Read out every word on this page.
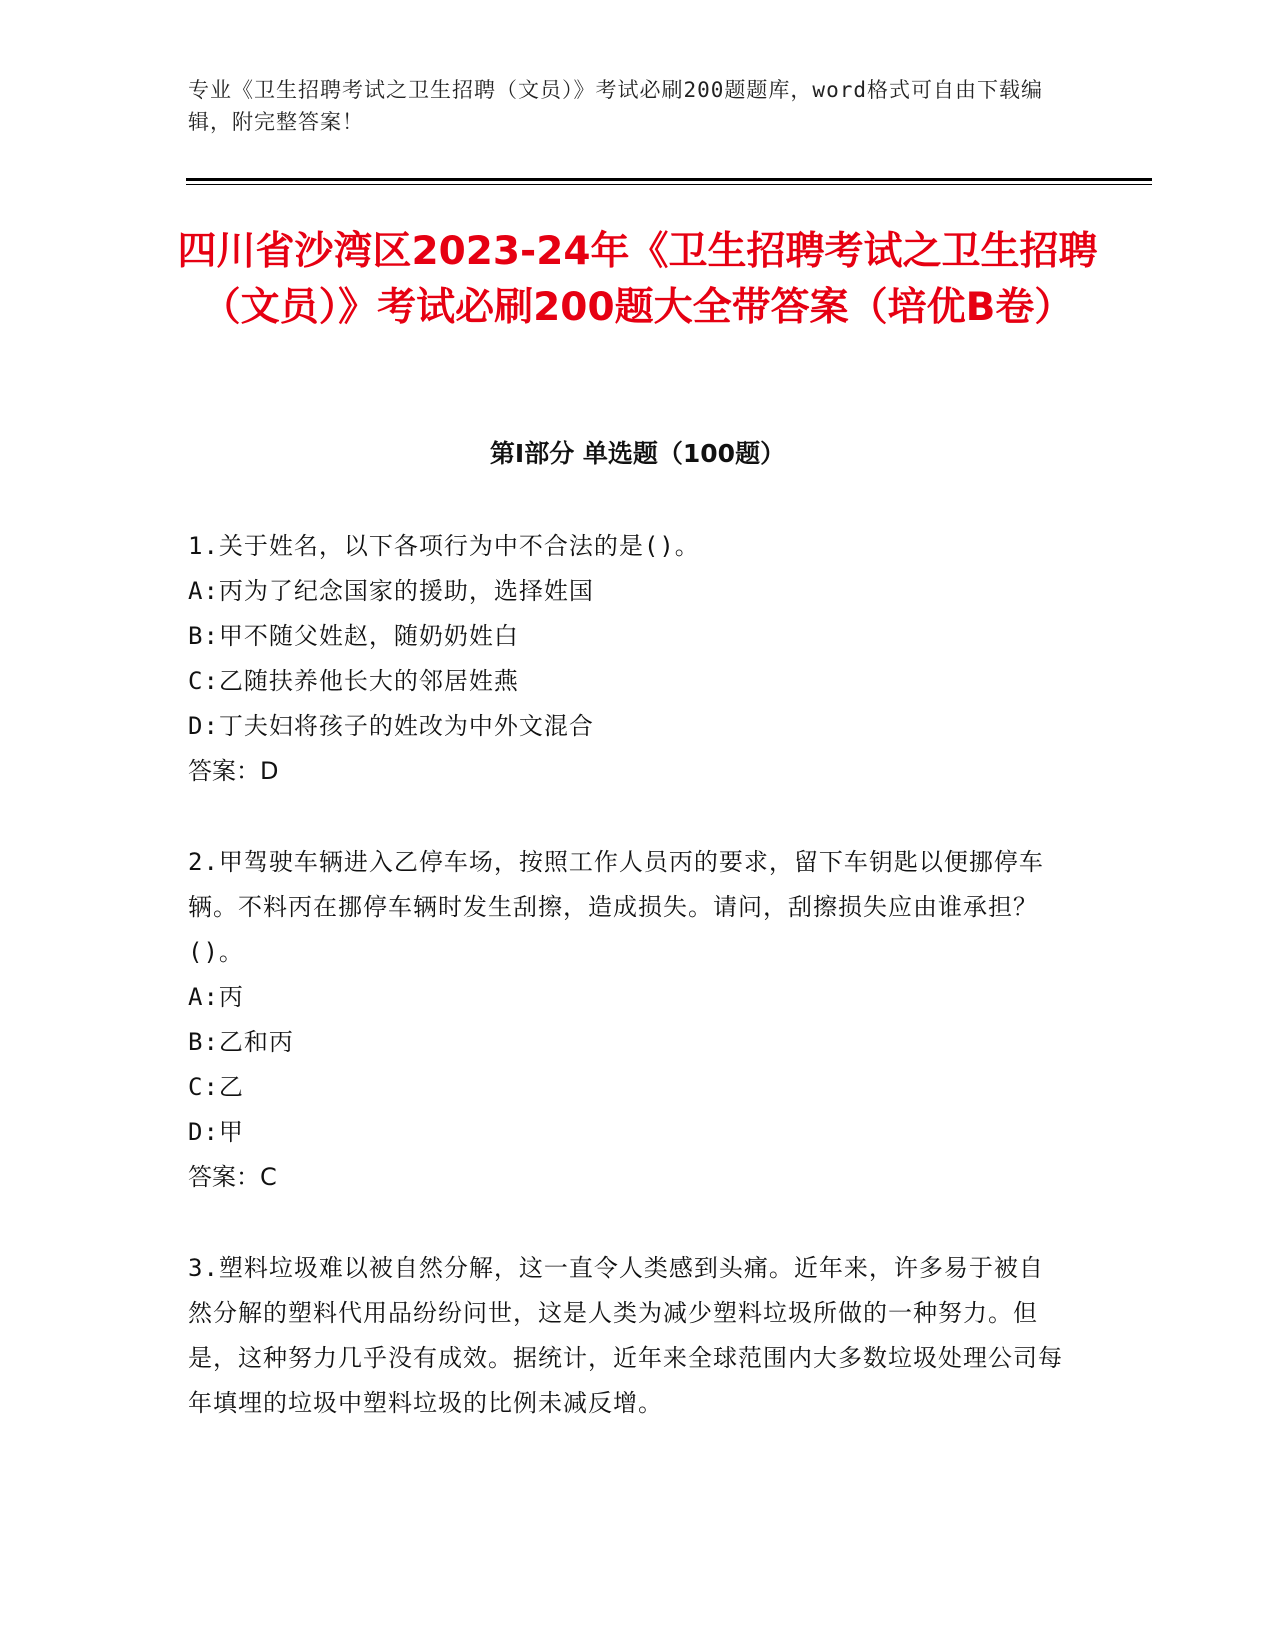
专业《卫生招聘考试之卫生招聘（文员）》考试必刷200题题库，word格式可自由下载编辑，附完整答案！
四川省沙湾区2023-24年《卫生招聘考试之卫生招聘（文员）》考试必刷200题大全带答案（培优B卷）
第Ⅰ部分 单选题（100题）

1.关于姓名，以下各项行为中不合法的是()。

A:丙为了纪念国家的援助，选择姓国

B:甲不随父姓赵，随奶奶姓白

C:乙随扶养他长大的邻居姓燕

D:丁夫妇将孩子的姓改为中外文混合

答案：D

2.甲驾驶车辆进入乙停车场，按照工作人员丙的要求，留下车钥匙以便挪停车辆。不料丙在挪停车辆时发生刮擦，造成损失。请问，刮擦损失应由谁承担？()。

A:丙

B:乙和丙

C:乙

D:甲

答案：C

3.塑料垃圾难以被自然分解，这一直令人类感到头痛。近年来，许多易于被自然分解的塑料代用品纷纷问世，这是人类为减少塑料垃圾所做的一种努力。但是，这种努力几乎没有成效。据统计，近年来全球范围内大多数垃圾处理公司每年填埋的垃圾中塑料垃圾的比例未减反增。
